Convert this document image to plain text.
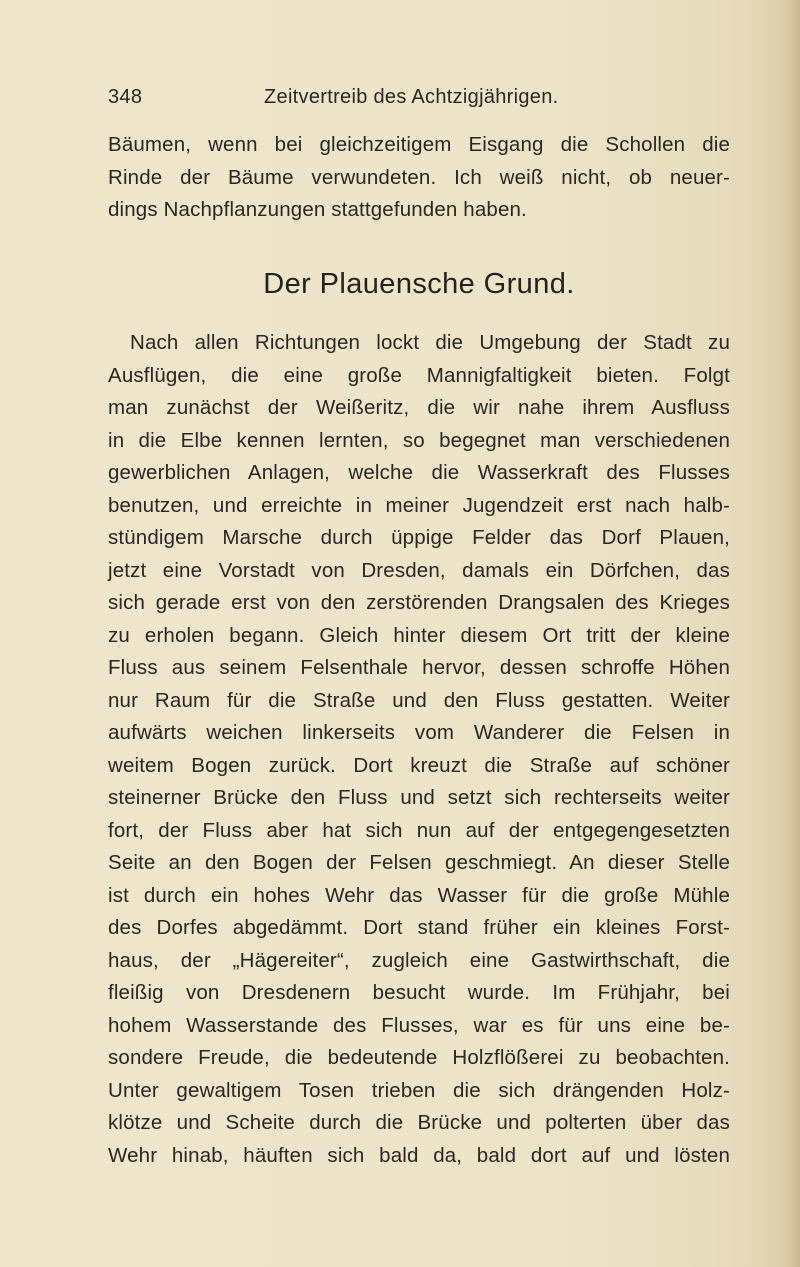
348	Zeitvertreib des Achtzigjährigen.
Bäumen, wenn bei gleichzeitigem Eisgang die Schollen die
Rinde der Bäume verwundeten. Ich weiß nicht, ob neuer-
dings Nachpflanzungen stattgefunden haben.
Der Plauensche Grund.
Nach allen Richtungen lockt die Umgebung der Stadt zu
Ausflügen, die eine große Mannigfaltigkeit bieten. Folgt
man zunächst der Weißeritz, die wir nahe ihrem Ausfluss
in die Elbe kennen lernten, so begegnet man verschiedenen
gewerblichen Anlagen, welche die Wasserkraft des Flusses
benutzen, und erreichte in meiner Jugendzeit erst nach halb-
stündigem Marsche durch üppige Felder das Dorf Plauen,
jetzt eine Vorstadt von Dresden, damals ein Dörfchen, das
sich gerade erst von den zerstörenden Drangsalen des Krieges
zu erholen begann. Gleich hinter diesem Ort tritt der kleine
Fluss aus seinem Felsenthale hervor, dessen schroffe Höhen
nur Raum für die Straße und den Fluss gestatten. Weiter
aufwärts weichen linkerseits vom Wanderer die Felsen in
weitem Bogen zurück. Dort kreuzt die Straße auf schöner
steinerner Brücke den Fluss und setzt sich rechterseits weiter
fort, der Fluss aber hat sich nun auf der entgegengesetzten
Seite an den Bogen der Felsen geschmiegt. An dieser Stelle
ist durch ein hohes Wehr das Wasser für die große Mühle
des Dorfes abgedämmt. Dort stand früher ein kleines Forst-
haus, der „Hägereiter“, zugleich eine Gastwirthschaft, die
fleißig von Dresdenern besucht wurde. Im Frühjahr, bei
hohem Wasserstande des Flusses, war es für uns eine be-
sondere Freude, die bedeutende Holzflößerei zu beobachten.
Unter gewaltigem Tosen trieben die sich drängenden Holz-
klötze und Scheite durch die Brücke und polterten über das
Wehr hinab, häuften sich bald da, bald dort auf und lösten
